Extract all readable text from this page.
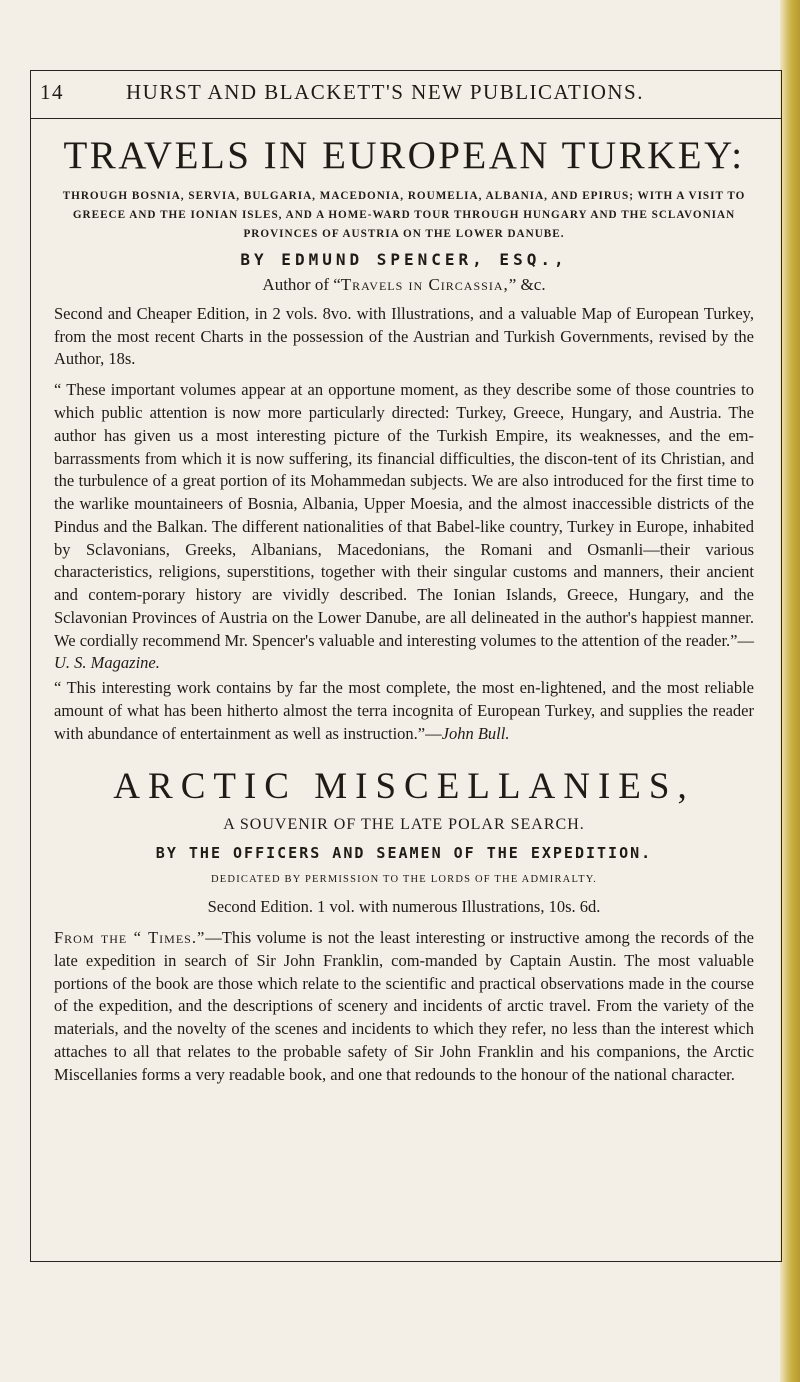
14	HURST AND BLACKETT'S NEW PUBLICATIONS.
TRAVELS IN EUROPEAN TURKEY:
THROUGH BOSNIA, SERVIA, BULGARIA, MACEDONIA, ROUMELIA, ALBANIA, AND EPIRUS; WITH A VISIT TO GREECE AND THE IONIAN ISLES, AND A HOME-WARD TOUR THROUGH HUNGARY AND THE SCLAVONIAN PROVINCES OF AUSTRIA ON THE LOWER DANUBE.
BY EDMUND SPENCER, ESQ.,
Author of “Travels in Circassia,” &c.

Second and Cheaper Edition, in 2 vols. 8vo. with Illustrations, and a valuable Map of European Turkey, from the most recent Charts in the possession of the Austrian and Turkish Governments, revised by the Author, 18s.

“ These important volumes appear at an opportune moment, as they describe some of those countries to which public attention is now more particularly directed: Turkey, Greece, Hungary, and Austria. The author has given us a most interesting picture of the Turkish Empire, its weaknesses, and the em-barrassments from which it is now suffering, its financial difficulties, the discon-tent of its Christian, and the turbulence of a great portion of its Mohammedan subjects. We are also introduced for the first time to the warlike mountaineers of Bosnia, Albania, Upper Moesia, and the almost inaccessible districts of the Pindus and the Balkan. The different nationalities of that Babel-like country, Turkey in Europe, inhabited by Sclavonians, Greeks, Albanians, Macedonians, the Romani and Osmanli—their various characteristics, religions, superstitions, together with their singular customs and manners, their ancient and contem-porary history are vividly described. The Ionian Islands, Greece, Hungary, and the Sclavonian Provinces of Austria on the Lower Danube, are all delineated in the author's happiest manner. We cordially recommend Mr. Spencer's valuable and interesting volumes to the attention of the reader.”—U. S. Magazine.

“ This interesting work contains by far the most complete, the most en-lightened, and the most reliable amount of what has been hitherto almost the terra incognita of European Turkey, and supplies the reader with abundance of entertainment as well as instruction.”—John Bull.

ARCTIC MISCELLANIES,
A SOUVENIR OF THE LATE POLAR SEARCH.
BY THE OFFICERS AND SEAMEN OF THE EXPEDITION.
DEDICATED BY PERMISSION TO THE LORDS OF THE ADMIRALTY.
Second Edition. 1 vol. with numerous Illustrations, 10s. 6d.

From the “ Times.”—This volume is not the least interesting or instructive among the records of the late expedition in search of Sir John Franklin, com-manded by Captain Austin. The most valuable portions of the book are those which relate to the scientific and practical observations made in the course of the expedition, and the descriptions of scenery and incidents of arctic travel. From the variety of the materials, and the novelty of the scenes and incidents to which they refer, no less than the interest which attaches to all that relates to the probable safety of Sir John Franklin and his companions, the Arctic Miscellanies forms a very readable book, and one that redounds to the honour of the national character.
